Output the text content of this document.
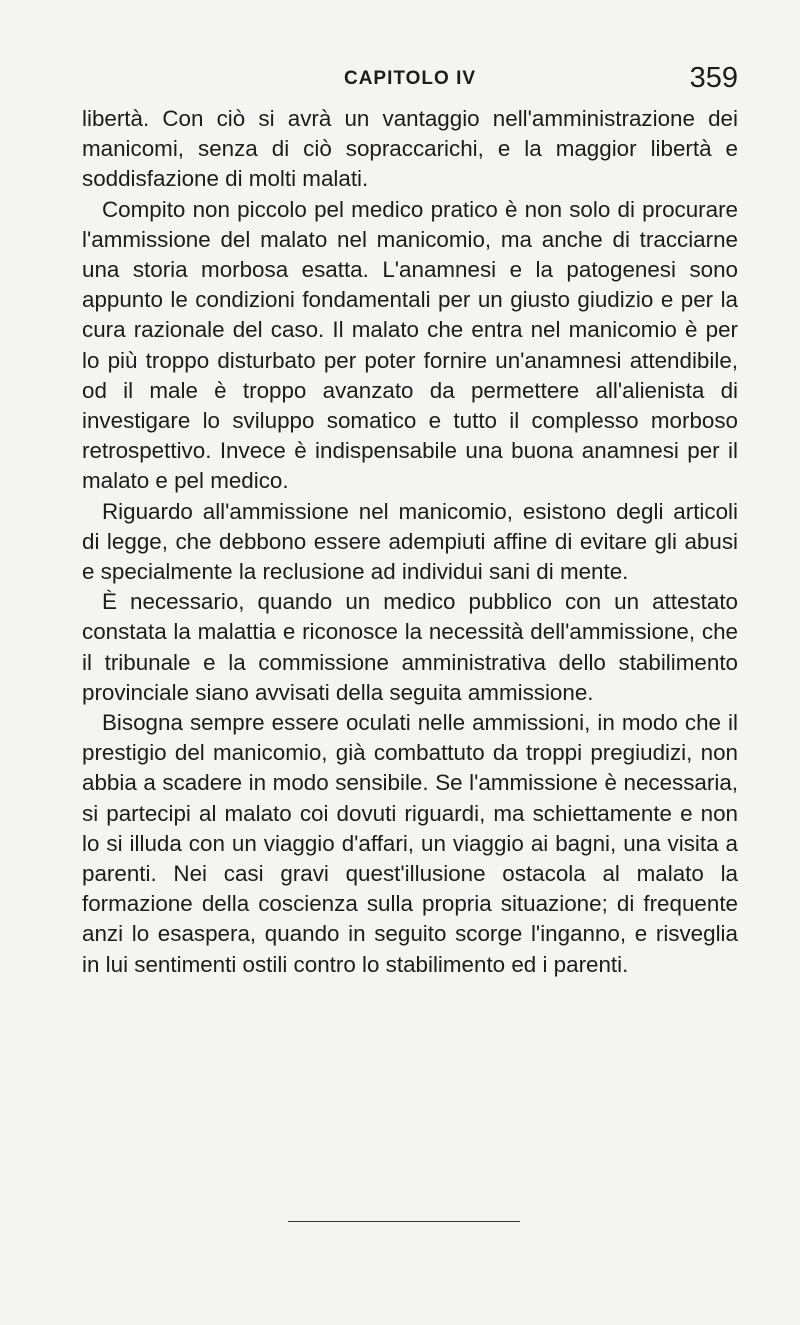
CAPITOLO IV	359

libertà. Con ciò si avrà un vantaggio nell'amministrazione dei manicomi, senza di ciò sopraccarichi, e la maggior libertà e soddisfazione di molti malati.

Compito non piccolo pel medico pratico è non solo di procurare l'ammissione del malato nel manicomio, ma anche di tracciarne una storia morbosa esatta. L'anamnesi e la patogenesi sono appunto le condizioni fondamentali per un giusto giudizio e per la cura razionale del caso. Il malato che entra nel manicomio è per lo più troppo disturbato per poter fornire un'anamnesi attendibile, od il male è troppo avanzato da permettere all'alienista di investigare lo sviluppo somatico e tutto il complesso morboso retrospettivo. Invece è indispensabile una buona anamnesi per il malato e pel medico.

Riguardo all'ammissione nel manicomio, esistono degli articoli di legge, che debbono essere adempiuti affine di evitare gli abusi e specialmente la reclusione ad individui sani di mente.

È necessario, quando un medico pubblico con un attestato constata la malattia e riconosce la necessità dell'ammissione, che il tribunale e la commissione amministrativa dello stabilimento provinciale siano avvisati della seguita ammissione.

Bisogna sempre essere oculati nelle ammissioni, in modo che il prestigio del manicomio, già combattuto da troppi pregiudizi, non abbia a scadere in modo sensibile. Se l'ammissione è necessaria, si partecipi al malato coi dovuti riguardi, ma schiettamente e non lo si illuda con un viaggio d'affari, un viaggio ai bagni, una visita a parenti. Nei casi gravi quest'illusione ostacola al malato la formazione della coscienza sulla propria situazione; di frequente anzi lo esaspera, quando in seguito scorge l'inganno, e risveglia in lui sentimenti ostili contro lo stabilimento ed i parenti.
